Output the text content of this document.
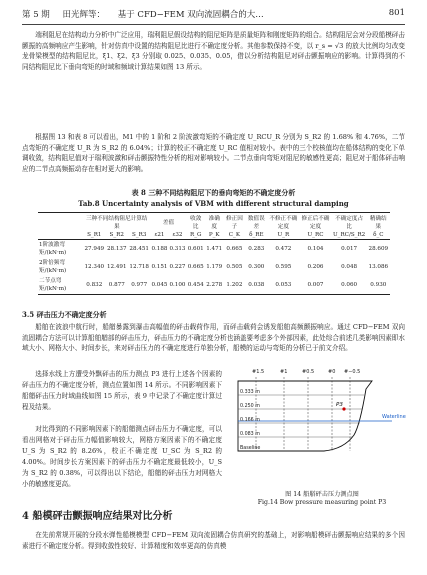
第 5 期 田光辉等： 基于 CFD−FEM 双向流固耦合的大…	801

端利阻尼在结构动力分析中广泛应用，瑞利阻尼假设结构的阻尼矩阵是质量矩阵和刚度矩阵的组合。结构阻尼会对分段船模砰击颤振的高频响应产生影响，针对仿真中设置的结构阻尼比进行不确定度分析。其他参数保持不变，以 r_s = √3 的放大比例均匀改变龙骨梁模型的结构阻尼比，ξ1、ξ2、ξ3 分别取 0.025、0.035、0.05，借以分析结构阻尼对砰击颤振响应的影响。计算得到的不同结构阻尼比下垂向弯矩的时域和频域计算结果如图 13 所示。

根据图 13 和表 8 可以看出，M1 中的 1 阶和 2 阶波激弯矩的不确定度 U_RCU_R 分别为 S_R2 的 1.68% 和 4.76%，二节点弯矩的不确定度 U_R 为 S_R2 的 6.04%；计算的校正不确定度 U_RC 值相对较小。表中的三个校核值均在船体结构的变化下单调收敛，结构阻尼值对于瑞利波激和砰击颤振特性分析的相对影响较小。二节点垂向弯矩对阻尼的敏感性更高；阻尼对于船体砰击响应的二节点高频振动存在相对更大的影响。

表 8 三种不同结构阻尼下的垂向弯矩的不确定度分析
Tab.8 Uncertainty analysis of VBM with different structural damping
	三种不同结构阻尼计算结果			差值		收敛比	准确度	修正因子	数值误差	不修正不确定度	修正后不确定度	不确定度占比	精确结果
	S_R1	S_R2	S_R3	ε21	ε32	R_G	P_K	C_K	δ_RE	U_R	U_RC	U_RC/S_R2	δ_C
1阶波激弯矩/(kN·m)	27.949	28.137	28.451	0.188	0.313	0.601	1.471	0.665	0.283	0.472	0.104	0.017	28.609
2阶倍频弯矩/(kN·m)	12.340	12.491	12.718	0.151	0.227	0.665	1.179	0.505	0.300	0.595	0.206	0.048	13.086
二节点弯矩/(kN·m)	0.832	0.877	0.977	0.045	0.100	0.454	2.278	1.202	0.038	0.053	0.007	0.060	0.930
3.5 砰击压力不确定度分析

船舶在波浪中航行时，船艏暴露到瀑击高幅值的砰击载荷作用，而砰击载荷会诱发船舶高频颤振响应。通过 CFD−FEM 双向流固耦合方法可以计算船舶艏部的砰击压力，砰击压力的不确定度分析也涵盖要考虑多个外部因素，此处综合前述几类影响因素即水域大小、网格大小、时间步长，来对砰击压力的不确定度进行单独分析，船模的运动与弯矩的分析已于前文介绍。

选择水线上方遭受外飘砰击的压力测点 P3 进行上述各个因素的砰击压力的不确定度分析，测点位置如图 14 所示。不同影响因素下船艏砰击压力时域曲线如图 15 所示，表 9 中记录了不确定度计算过程及结果。

对比得到的不同影响因素下的船艏测点砰击压力不确定度，可以看出网格对于砰击压力幅值影响较大，网格方案因素下的不确定度 U_S 为 S_R2 的 8.26%，校正不确定度 U_SC 为 S_R2 的 4.00%。时间步长方案因素下的砰击压力不确定度最低较小，U_S 为 S_R2 的 0.38%，可以得出以下结论，船艏的砰击压力对网格大小的敏感度更高。

#1.5	#1	#0.5	#0 #−0.5
Waterline
0.333 m
0.250 m
0.166 m
0.083 m
Baseline
P3
图 14 船艏砰击压力测点图
Fig.14 Bow pressure measuring point P3
4 船模砰击颤振响应结果对比分析

在先前常规开展的分段水弹性船模模型 CFD−FEM 双向流固耦合仿真研究的基础上，对影响船模砰击颤振响应结果的多个因素进行不确定度分析。得到收敛性较好、计算精度和效率更高的仿真模
